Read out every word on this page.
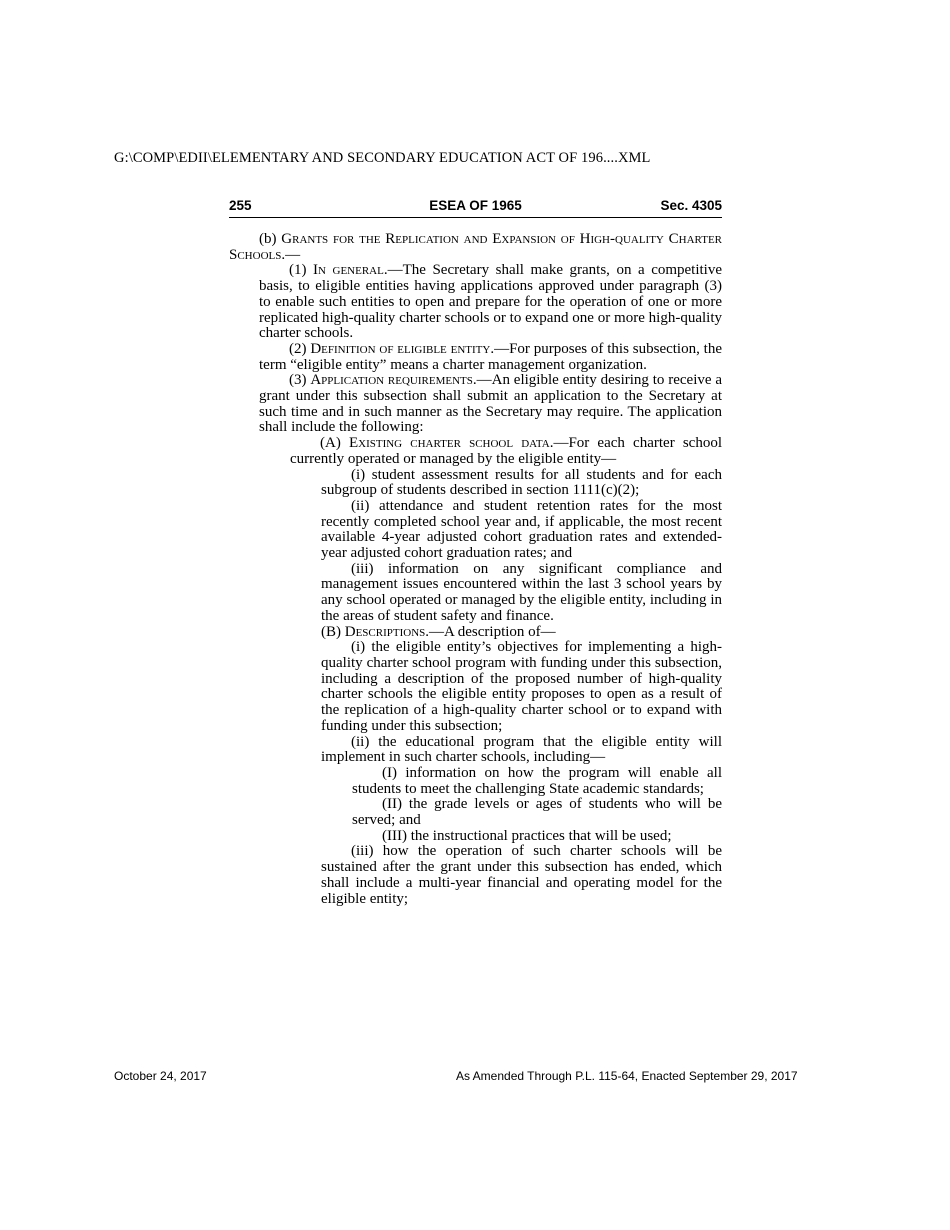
G:\COMP\EDII\ELEMENTARY AND SECONDARY EDUCATION ACT OF 196....XML
255	ESEA OF 1965	Sec. 4305

(b) Grants for the Replication and Expansion of High-quality Charter Schools.—

(1) In general.—The Secretary shall make grants, on a competitive basis, to eligible entities having applications approved under paragraph (3) to enable such entities to open and prepare for the operation of one or more replicated high-quality charter schools or to expand one or more high-quality charter schools.

(2) Definition of eligible entity.—For purposes of this subsection, the term “eligible entity” means a charter management organization.

(3) Application requirements.—An eligible entity desiring to receive a grant under this subsection shall submit an application to the Secretary at such time and in such manner as the Secretary may require. The application shall include the following:

(A) Existing charter school data.—For each charter school currently operated or managed by the eligible entity—

(i) student assessment results for all students and for each subgroup of students described in section 1111(c)(2);

(ii) attendance and student retention rates for the most recently completed school year and, if applicable, the most recent available 4-year adjusted cohort graduation rates and extended-year adjusted cohort graduation rates; and

(iii) information on any significant compliance and management issues encountered within the last 3 school years by any school operated or managed by the eligible entity, including in the areas of student safety and finance.

(B) Descriptions.—A description of—

(i) the eligible entity’s objectives for implementing a high-quality charter school program with funding under this subsection, including a description of the proposed number of high-quality charter schools the eligible entity proposes to open as a result of the replication of a high-quality charter school or to expand with funding under this subsection;

(ii) the educational program that the eligible entity will implement in such charter schools, including—

(I) information on how the program will enable all students to meet the challenging State academic standards;

(II) the grade levels or ages of students who will be served; and

(III) the instructional practices that will be used;

(iii) how the operation of such charter schools will be sustained after the grant under this subsection has ended, which shall include a multi-year financial and operating model for the eligible entity;

October 24, 2017	As Amended Through P.L. 115-64, Enacted September 29, 2017
